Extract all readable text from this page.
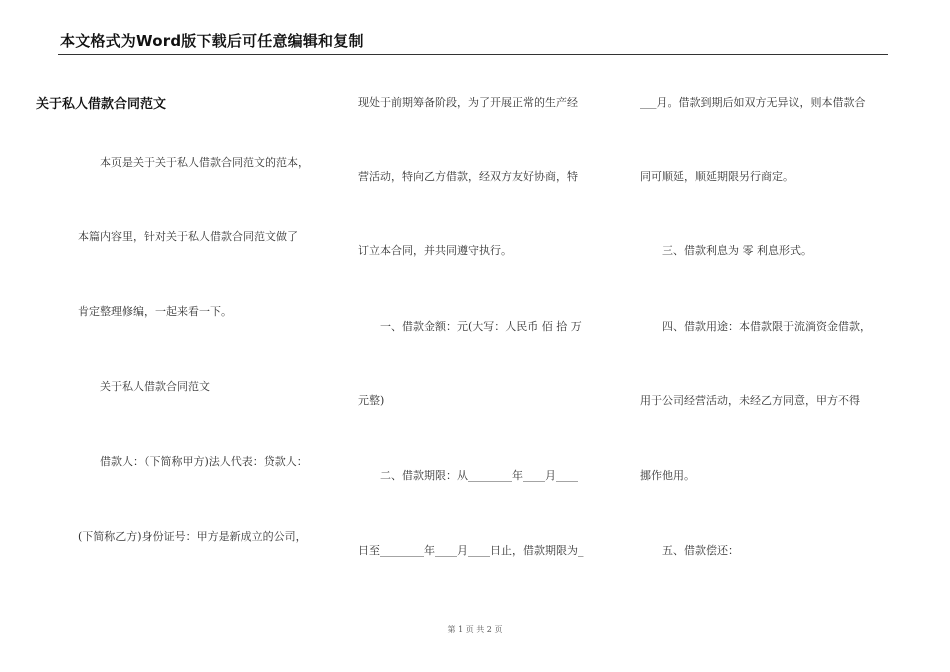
本文格式为Word版下载后可任意编辑和复制
关于私人借款合同范文
　　本页是关于关于私人借款合同范文的范本，
本篇内容里，针对关于私人借款合同范文做了
肯定整理修编，一起来看一下。
　　关于私人借款合同范文
　　借款人：（下简称甲方)法人代表：贷款人：
(下简称乙方)身份证号：甲方是新成立的公司，
现处于前期筹备阶段，为了开展正常的生产经
营活动，特向乙方借款，经双方友好协商，特
订立本合同，并共同遵守执行。
　　一、借款金额：元(大写：人民币 佰 拾 万
元整)
　　二、借款期限：从________年____月____
日至________年____月____日止，借款期限为_
___月。借款到期后如双方无异议，则本借款合
同可顺延，顺延期限另行商定。
　　三、借款利息为 零 利息形式。
　　四、借款用途：本借款限于流淌资金借款，
用于公司经营活动，未经乙方同意，甲方不得
挪作他用。
　　五、借款偿还：
第 1 页 共 2 页
